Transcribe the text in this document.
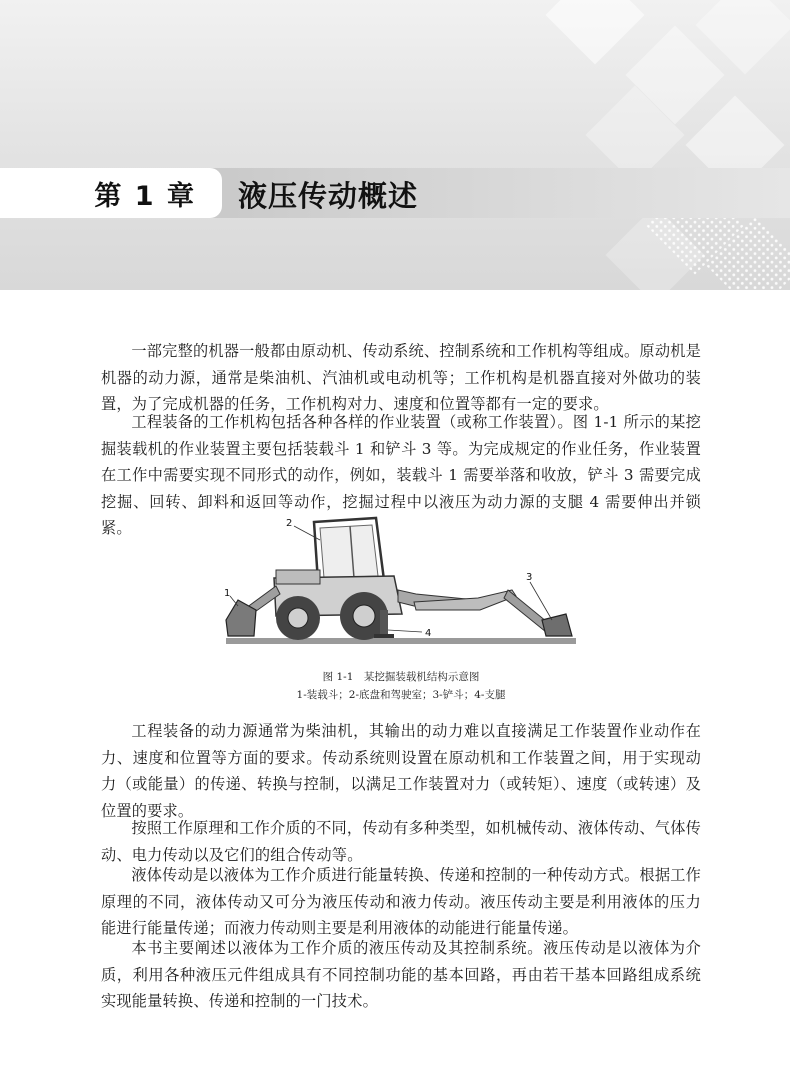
第 1 章 液压传动概述

一部完整的机器一般都由原动机、传动系统、控制系统和工作机构等组成。原动机是机器的动力源，通常是柴油机、汽油机或电动机等；工作机构是机器直接对外做功的装置，为了完成机器的任务，工作机构对力、速度和位置等都有一定的要求。

工程装备的工作机构包括各种各样的作业装置（或称工作装置）。图 1-1 所示的某挖掘装载机的作业装置主要包括装载斗 1 和铲斗 3 等。为完成规定的作业任务，作业装置在工作中需要实现不同形式的动作，例如，装载斗 1 需要举落和收放，铲斗 3 需要完成挖掘、回转、卸料和返回等动作，挖掘过程中以液压为动力源的支腿 4 需要伸出并锁紧。

1
2
3
4
图 1-1　某挖掘装载机结构示意图
1-装载斗；2-底盘和驾驶室；3-铲斗；4-支腿

工程装备的动力源通常为柴油机，其输出的动力难以直接满足工作装置作业动作在力、速度和位置等方面的要求。传动系统则设置在原动机和工作装置之间，用于实现动力（或能量）的传递、转换与控制，以满足工作装置对力（或转矩）、速度（或转速）及位置的要求。

按照工作原理和工作介质的不同，传动有多种类型，如机械传动、液体传动、气体传动、电力传动以及它们的组合传动等。

液体传动是以液体为工作介质进行能量转换、传递和控制的一种传动方式。根据工作原理的不同，液体传动又可分为液压传动和液力传动。液压传动主要是利用液体的压力能进行能量传递；而液力传动则主要是利用液体的动能进行能量传递。

本书主要阐述以液体为工作介质的液压传动及其控制系统。液压传动是以液体为介质，利用各种液压元件组成具有不同控制功能的基本回路，再由若干基本回路组成系统实现能量转换、传递和控制的一门技术。
